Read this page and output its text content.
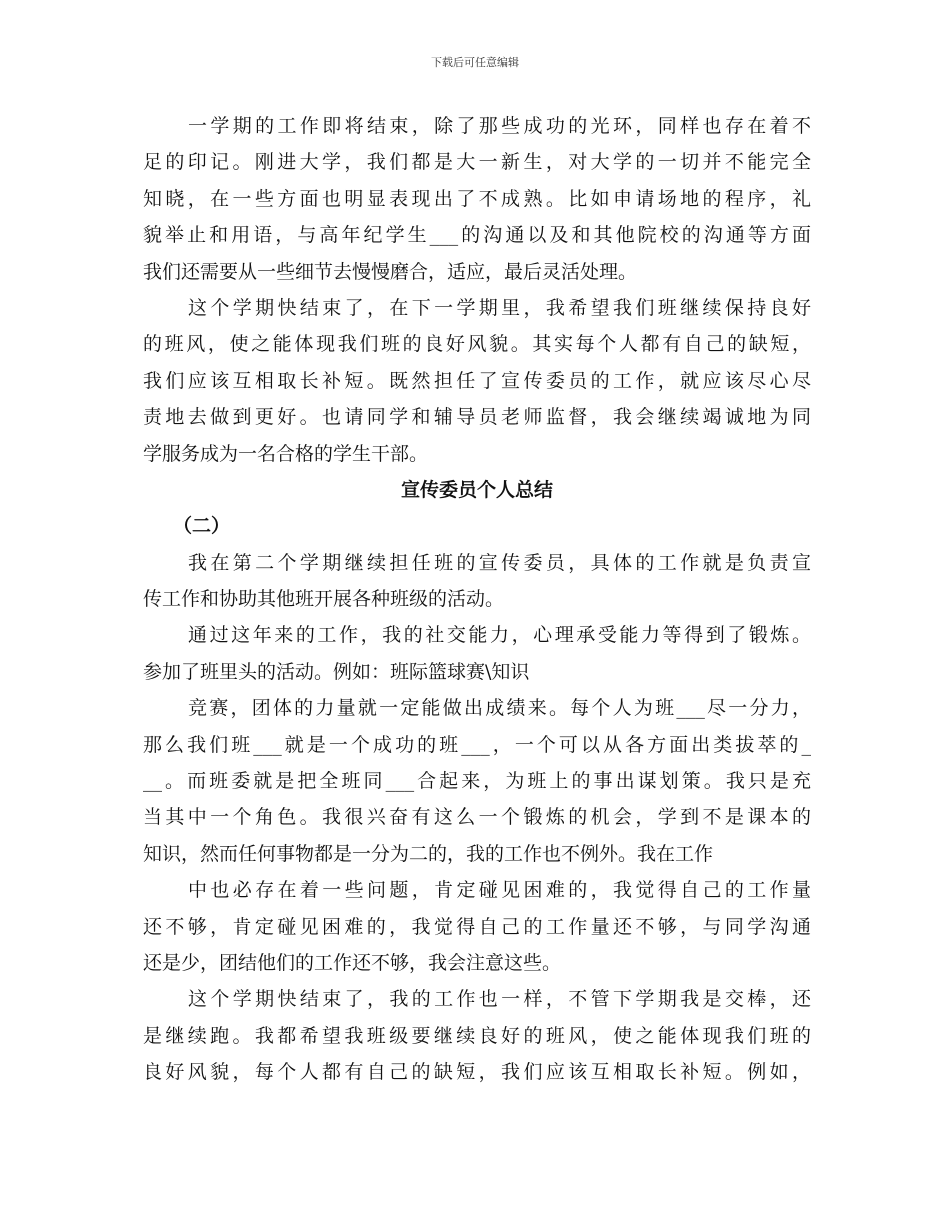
下载后可任意编辑
一学期的工作即将结束，除了那些成功的光环，同样也存在着不
足的印记。刚进大学，我们都是大一新生，对大学的一切并不能完全
知晓，在一些方面也明显表现出了不成熟。比如申请场地的程序，礼
貌举止和用语，与高年纪学生___的沟通以及和其他院校的沟通等方面
我们还需要从一些细节去慢慢磨合，适应，最后灵活处理。
这个学期快结束了，在下一学期里，我希望我们班继续保持良好
的班风，使之能体现我们班的良好风貌。其实每个人都有自己的缺短，
我们应该互相取长补短。既然担任了宣传委员的工作，就应该尽心尽
责地去做到更好。也请同学和辅导员老师监督，我会继续竭诚地为同
学服务成为一名合格的学生干部。
宣传委员个人总结
（二）
我在第二个学期继续担任班的宣传委员，具体的工作就是负责宣
传工作和协助其他班开展各种班级的活动。
通过这年来的工作，我的社交能力，心理承受能力等得到了锻炼。
参加了班里头的活动。例如：班际篮球赛\知识
竞赛，团体的力量就一定能做出成绩来。每个人为班___尽一分力，
那么我们班___就是一个成功的班___，一个可以从各方面出类拔萃的_
__。而班委就是把全班同___合起来，为班上的事出谋划策。我只是充
当其中一个角色。我很兴奋有这么一个锻炼的机会，学到不是课本的
知识，然而任何事物都是一分为二的，我的工作也不例外。我在工作
中也必存在着一些问题，肯定碰见困难的，我觉得自己的工作量
还不够，肯定碰见困难的，我觉得自己的工作量还不够，与同学沟通
还是少，团结他们的工作还不够，我会注意这些。
这个学期快结束了，我的工作也一样，不管下学期我是交棒，还
是继续跑。我都希望我班级要继续良好的班风，使之能体现我们班的
良好风貌，每个人都有自己的缺短，我们应该互相取长补短。例如，
